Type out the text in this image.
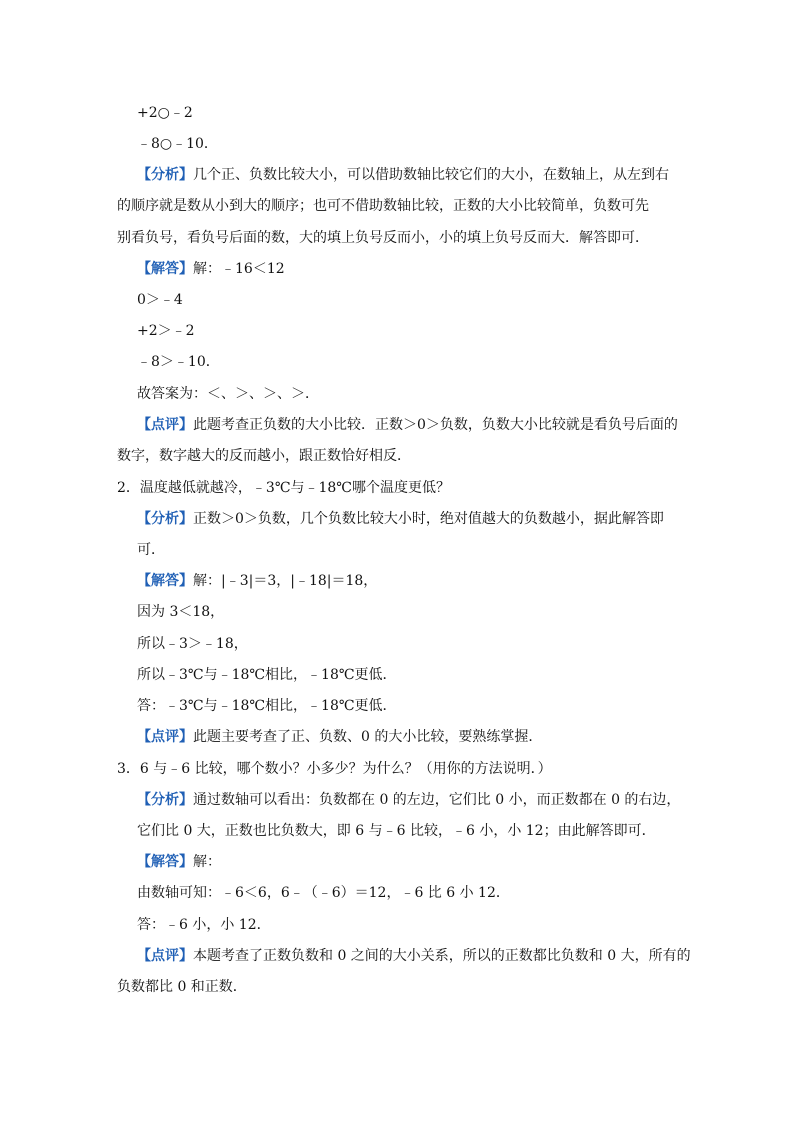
+2○﹣2
﹣8○﹣10．
【分析】几个正、负数比较大小，可以借助数轴比较它们的大小，在数轴上，从左到右
的顺序就是数从小到大的顺序；也可不借助数轴比较，正数的大小比较简单，负数可先
别看负号，看负号后面的数，大的填上负号反而小，小的填上负号反而大．解答即可．
【解答】解：﹣16＜12
0＞﹣4
+2＞﹣2
﹣8＞﹣10．
故答案为：＜、＞、＞、＞．
【点评】此题考查正负数的大小比较．正数＞0＞负数，负数大小比较就是看负号后面的
数字，数字越大的反而越小，跟正数恰好相反．
2．温度越低就越冷，﹣3℃与﹣18℃哪个温度更低？
【分析】正数＞0＞负数，几个负数比较大小时，绝对值越大的负数越小，据此解答即
可．
【解答】解：|﹣3|＝3，|﹣18|＝18，
因为 3＜18，
所以﹣3＞﹣18，
所以﹣3℃与﹣18℃相比，﹣18℃更低．
答：﹣3℃与﹣18℃相比，﹣18℃更低．
【点评】此题主要考查了正、负数、0 的大小比较，要熟练掌握．
3．6 与﹣6 比较，哪个数小？小多少？为什么？（用你的方法说明．）
【分析】通过数轴可以看出：负数都在 0 的左边，它们比 0 小，而正数都在 0 的右边，
它们比 0 大，正数也比负数大，即 6 与﹣6 比较，﹣6 小，小 12；由此解答即可．
【解答】解：
由数轴可知：﹣6＜6，6﹣（﹣6）＝12，﹣6 比 6 小 12．
答：﹣6 小，小 12．
【点评】本题考查了正数负数和 0 之间的大小关系，所以的正数都比负数和 0 大，所有的
负数都比 0 和正数．
